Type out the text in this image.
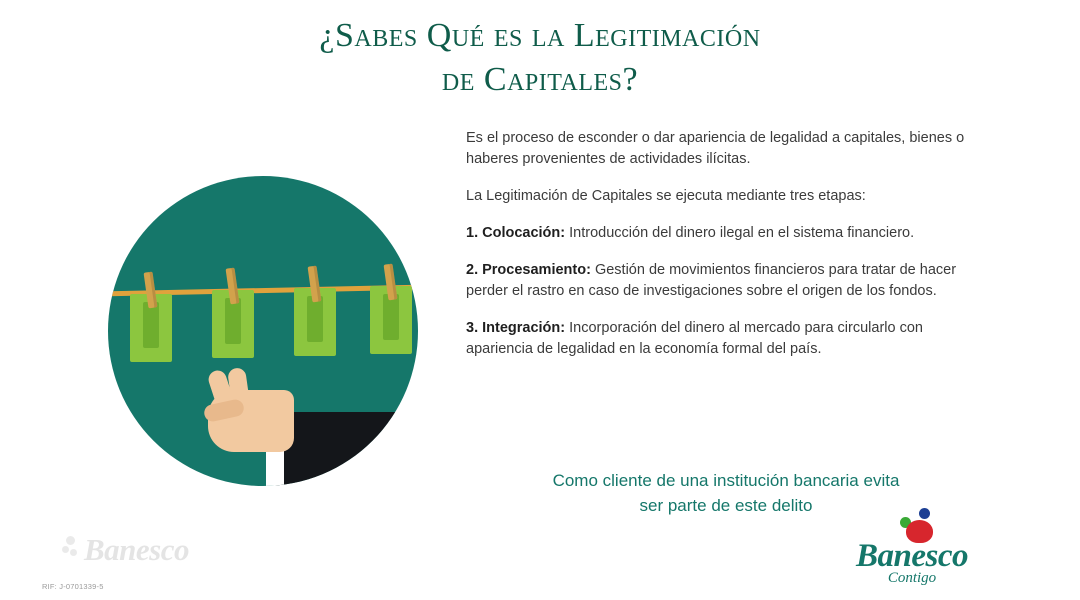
¿Sabes Qué es la Legitimación
de Capitales?

Es el proceso de esconder o dar apariencia de legalidad a capitales, bienes o haberes provenientes de actividades ilícitas.

La Legitimación de Capitales se ejecuta mediante tres etapas:

1. Colocación: Introducción del dinero ilegal en el sistema financiero.

2. Procesamiento: Gestión de movimientos financieros para tratar de hacer perder el rastro en caso de investigaciones sobre el origen de los fondos.

3. Integración: Incorporación del dinero al mercado para circularlo con apariencia de legalidad en la economía formal del país.

Como cliente de una institución bancaria evita
ser parte de este delito
Banesco
RIF: J-0701339-5
Banesco
Contigo
